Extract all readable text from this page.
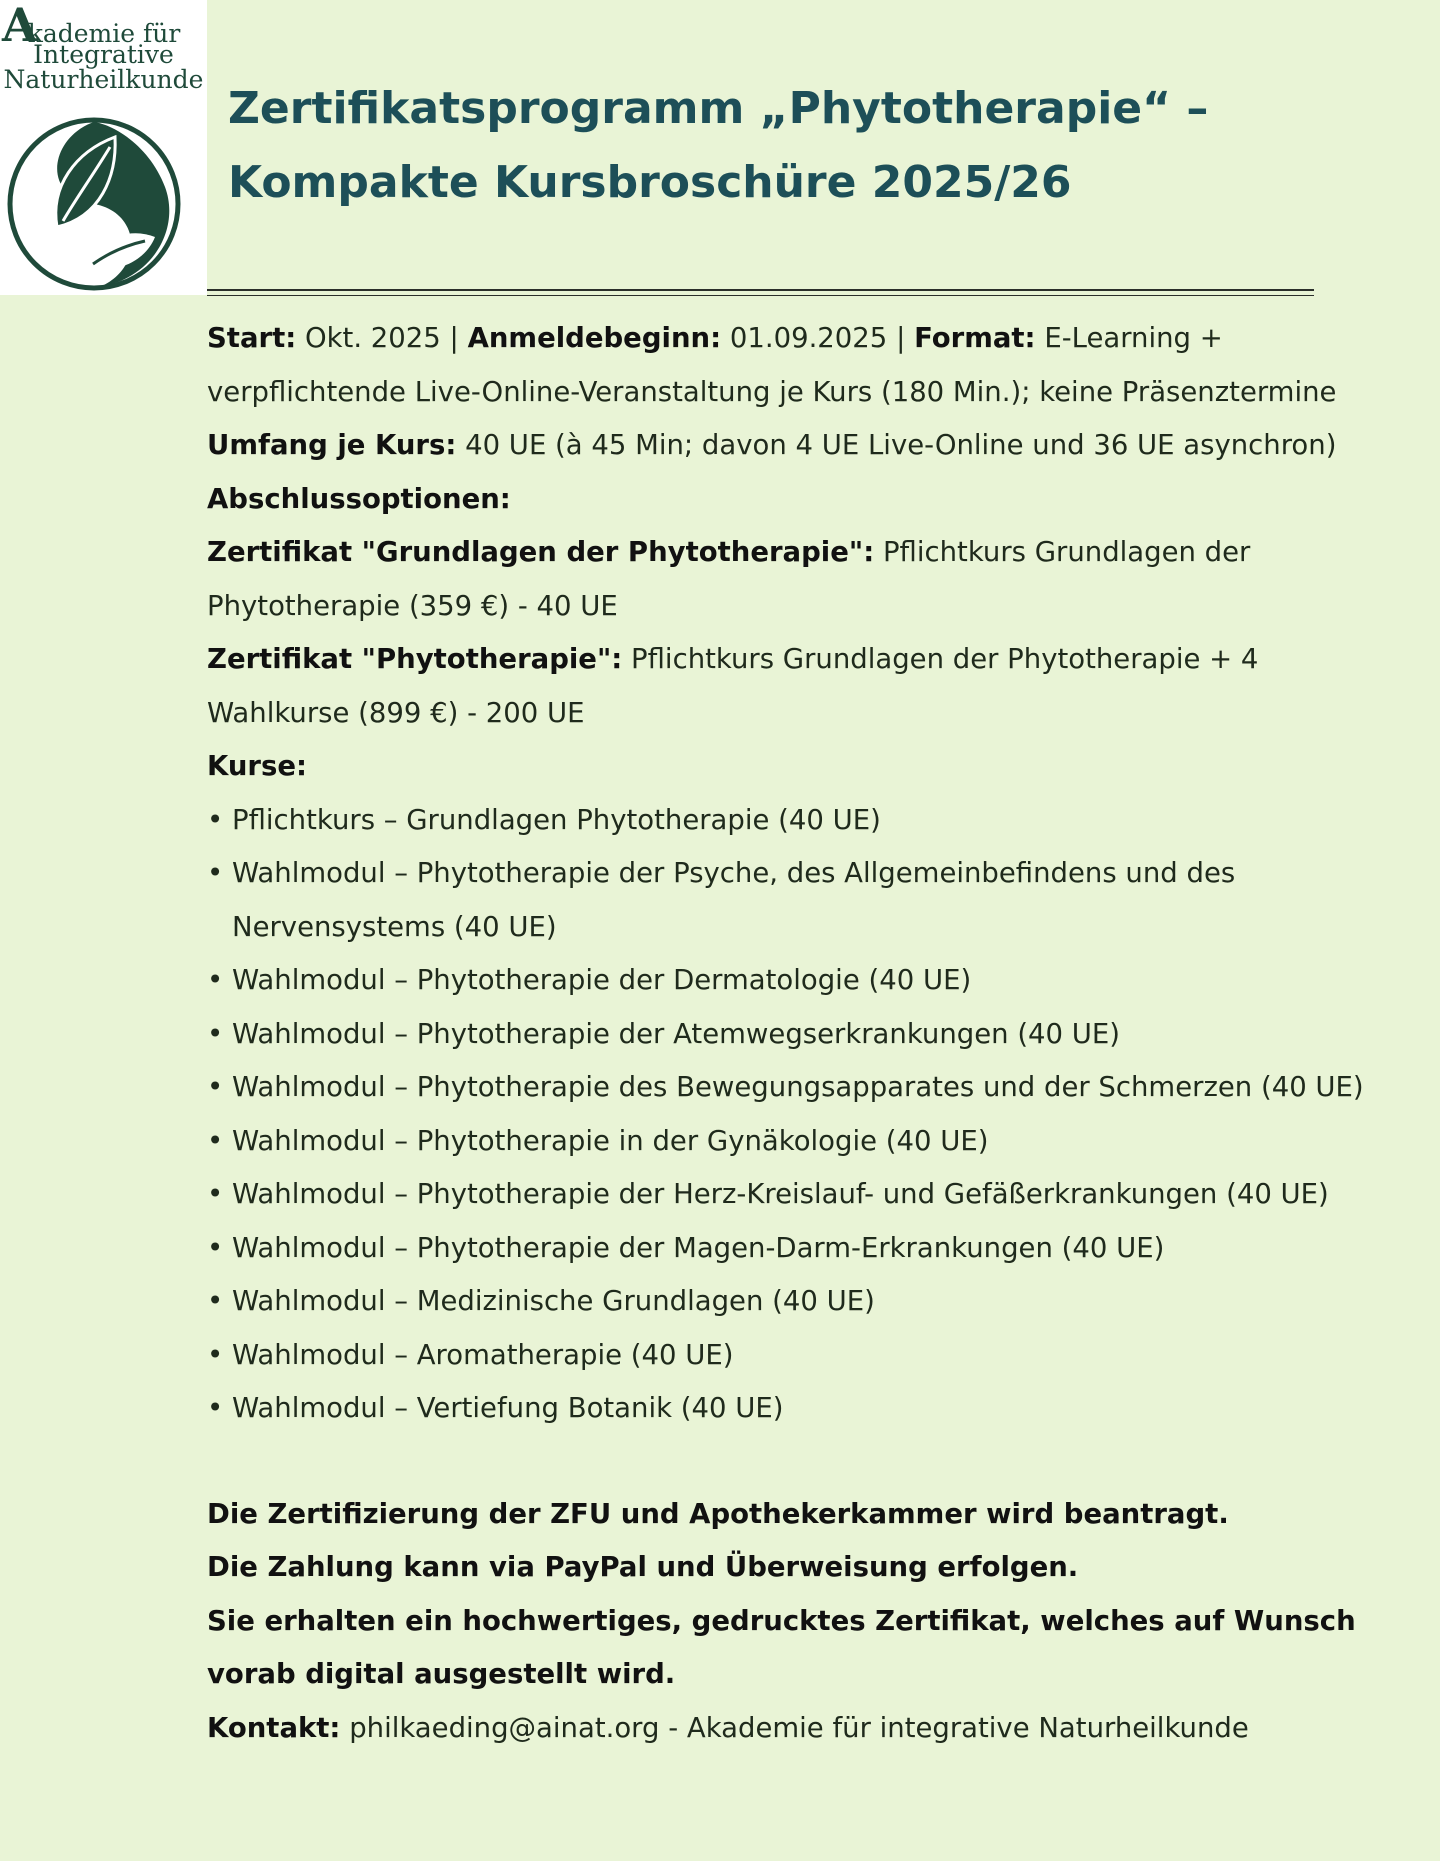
A
kademie für
Integrative
Naturheilkunde
Zertifikatsprogramm „Phytotherapie“ –
Kompakte Kursbroschüre 2025/26

Start: Okt. 2025 | Anmeldebeginn: 01.09.2025 | Format: E-Learning + verpflichtende Live-Online-Veranstaltung je Kurs (180 Min.); keine Präsenztermine

Umfang je Kurs: 40 UE (à 45 Min; davon 4 UE Live-Online und 36 UE asynchron)

Abschlussoptionen:

Zertifikat "Grundlagen der Phytotherapie": Pflichtkurs Grundlagen der Phytotherapie (359 €) - 40 UE

Zertifikat "Phytotherapie": Pflichtkurs Grundlagen der Phytotherapie + 4 Wahlkurse (899 €) - 200 UE

Kurse:

• Pflichtkurs – Grundlagen Phytotherapie (40 UE)
• Wahlmodul – Phytotherapie der Psyche, des Allgemeinbefindens und des Nervensystems (40 UE)
• Wahlmodul – Phytotherapie der Dermatologie (40 UE)
• Wahlmodul – Phytotherapie der Atemwegserkrankungen (40 UE)
• Wahlmodul – Phytotherapie des Bewegungsapparates und der Schmerzen (40 UE)
• Wahlmodul – Phytotherapie in der Gynäkologie (40 UE)
• Wahlmodul – Phytotherapie der Herz-Kreislauf- und Gefäßerkrankungen (40 UE)
• Wahlmodul – Phytotherapie der Magen-Darm-Erkrankungen (40 UE)
• Wahlmodul – Medizinische Grundlagen (40 UE)
• Wahlmodul – Aromatherapie (40 UE)
• Wahlmodul – Vertiefung Botanik (40 UE)

Die Zertifizierung der ZFU und Apothekerkammer wird beantragt.

Die Zahlung kann via PayPal und Überweisung erfolgen.

Sie erhalten ein hochwertiges, gedrucktes Zertifikat, welches auf Wunsch vorab digital ausgestellt wird.

Kontakt: philkaeding@ainat.org - Akademie für integrative Naturheilkunde
